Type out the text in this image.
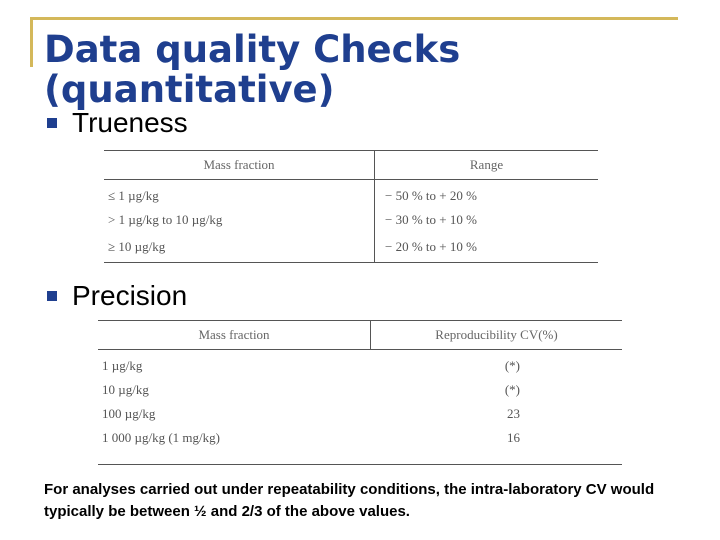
Data quality Checks (quantitative)
Trueness
Mass fraction	Range
≤ 1 µg/kg	− 50 % to + 20 %
> 1 µg/kg to 10 µg/kg	− 30 % to + 10 %
≥ 10 µg/kg	− 20 % to + 10 %
Precision
Mass fraction	Reproducibility CV(%)
1 µg/kg	(*)
10 µg/kg	(*)
100 µg/kg	23
1 000 µg/kg (1 mg/kg)	16
For analyses carried out under repeatability conditions, the intra-laboratory CV would typically be between ½ and 2/3 of the above values.
